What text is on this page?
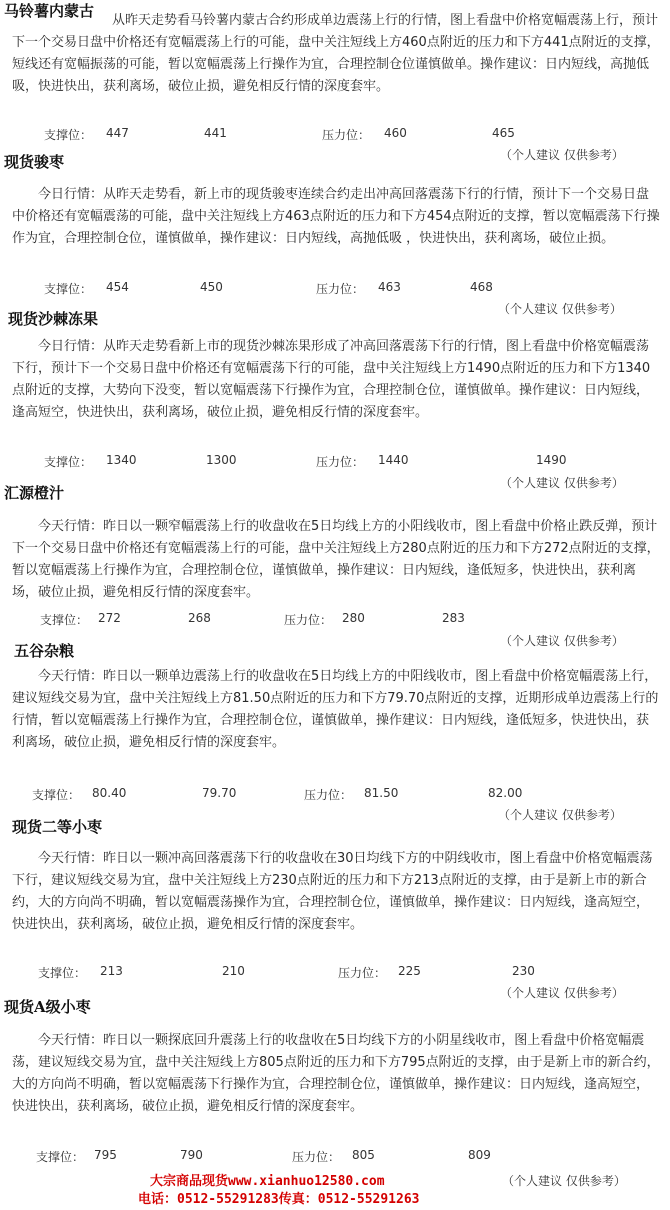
马铃薯内蒙古
从昨天走势看马铃薯内蒙古合约形成单边震荡上行的行情，图上看盘中价格宽幅震荡上行，预计下一个交易日盘中价格还有宽幅震荡上行的可能，盘中关注短线上方460点附近的压力和下方441点附近的支撑，短线还有宽幅振荡的可能，暂以宽幅震荡上行操作为宜，合理控制仓位谨慎做单。操作建议：日内短线，高抛低吸，快进快出，获利离场，破位止损，避免相反行情的深度套牢。
支撑位： 447	441	压力位： 460	465
（个人建议 仅供参考）
现货骏枣
今日行情：从昨天走势看，新上市的现货骏枣连续合约走出冲高回落震荡下行的行情，预计下一个交易日盘中价格还有宽幅震荡的可能，盘中关注短线上方463点附近的压力和下方454点附近的支撑，暂以宽幅震荡下行操作为宜，合理控制仓位，谨慎做单，操作建议：日内短线，高抛低吸 ，快进快出，获利离场，破位止损。
支撑位： 454	450	压力位： 463	468
（个人建议 仅供参考）
现货沙棘冻果
今日行情：从昨天走势看新上市的现货沙棘冻果形成了冲高回落震荡下行的行情，图上看盘中价格宽幅震荡下行，预计下一个交易日盘中价格还有宽幅震荡下行的可能，盘中关注短线上方1490点附近的压力和下方1340点附近的支撑，大势向下没变，暂以宽幅震荡下行操作为宜，合理控制仓位，谨慎做单。操作建议：日内短线，逢高短空，快进快出，获利离场，破位止损，避免相反行情的深度套牢。
支撑位： 1340	1300	压力位： 1440	1490
（个人建议 仅供参考）
汇源橙汁
今天行情：昨日以一颗窄幅震荡上行的收盘收在5日均线上方的小阳线收市，图上看盘中价格止跌反弹，预计下一个交易日盘中价格还有宽幅震荡上行的可能，盘中关注短线上方280点附近的压力和下方272点附近的支撑，暂以宽幅震荡上行操作为宜，合理控制仓位，谨慎做单，操作建议：日内短线，逢低短多，快进快出，获利离场，破位止损，避免相反行情的深度套牢。
支撑位： 272	268	压力位： 280	283
（个人建议 仅供参考）
五谷杂粮
今天行情：昨日以一颗单边震荡上行的收盘收在5日均线上方的中阳线收市，图上看盘中价格宽幅震荡上行，建议短线交易为宜，盘中关注短线上方81.50点附近的压力和下方79.70点附近的支撑，近期形成单边震荡上行的行情，暂以宽幅震荡上行操作为宜，合理控制仓位，谨慎做单，操作建议：日内短线，逢低短多，快进快出，获利离场，破位止损，避免相反行情的深度套牢。
支撑位： 80.40	79.70	压力位： 81.50	82.00
（个人建议 仅供参考）
现货二等小枣
今天行情：昨日以一颗冲高回落震荡下行的收盘收在30日均线下方的中阴线收市，图上看盘中价格宽幅震荡下行，建议短线交易为宜，盘中关注短线上方230点附近的压力和下方213点附近的支撑，由于是新上市的新合约，大的方向尚不明确，暂以宽幅震荡操作为宜，合理控制仓位，谨慎做单，操作建议：日内短线，逢高短空，快进快出，获利离场，破位止损，避免相反行情的深度套牢。
支撑位： 213	210	压力位： 225	230
（个人建议 仅供参考）
现货A级小枣
今天行情：昨日以一颗探底回升震荡上行的收盘收在5日均线下方的小阴星线收市，图上看盘中价格宽幅震荡，建议短线交易为宜，盘中关注短线上方805点附近的压力和下方795点附近的支撑，由于是新上市的新合约，大的方向尚不明确，暂以宽幅震荡下行操作为宜，合理控制仓位，谨慎做单，操作建议：日内短线，逢高短空，快进快出，获利离场，破位止损，避免相反行情的深度套牢。
支撑位： 795	790	压力位： 805	809
（个人建议 仅供参考）
大宗商品现货www.xianhuo12580.com
电话：0512-55291283传真：0512-55291263
